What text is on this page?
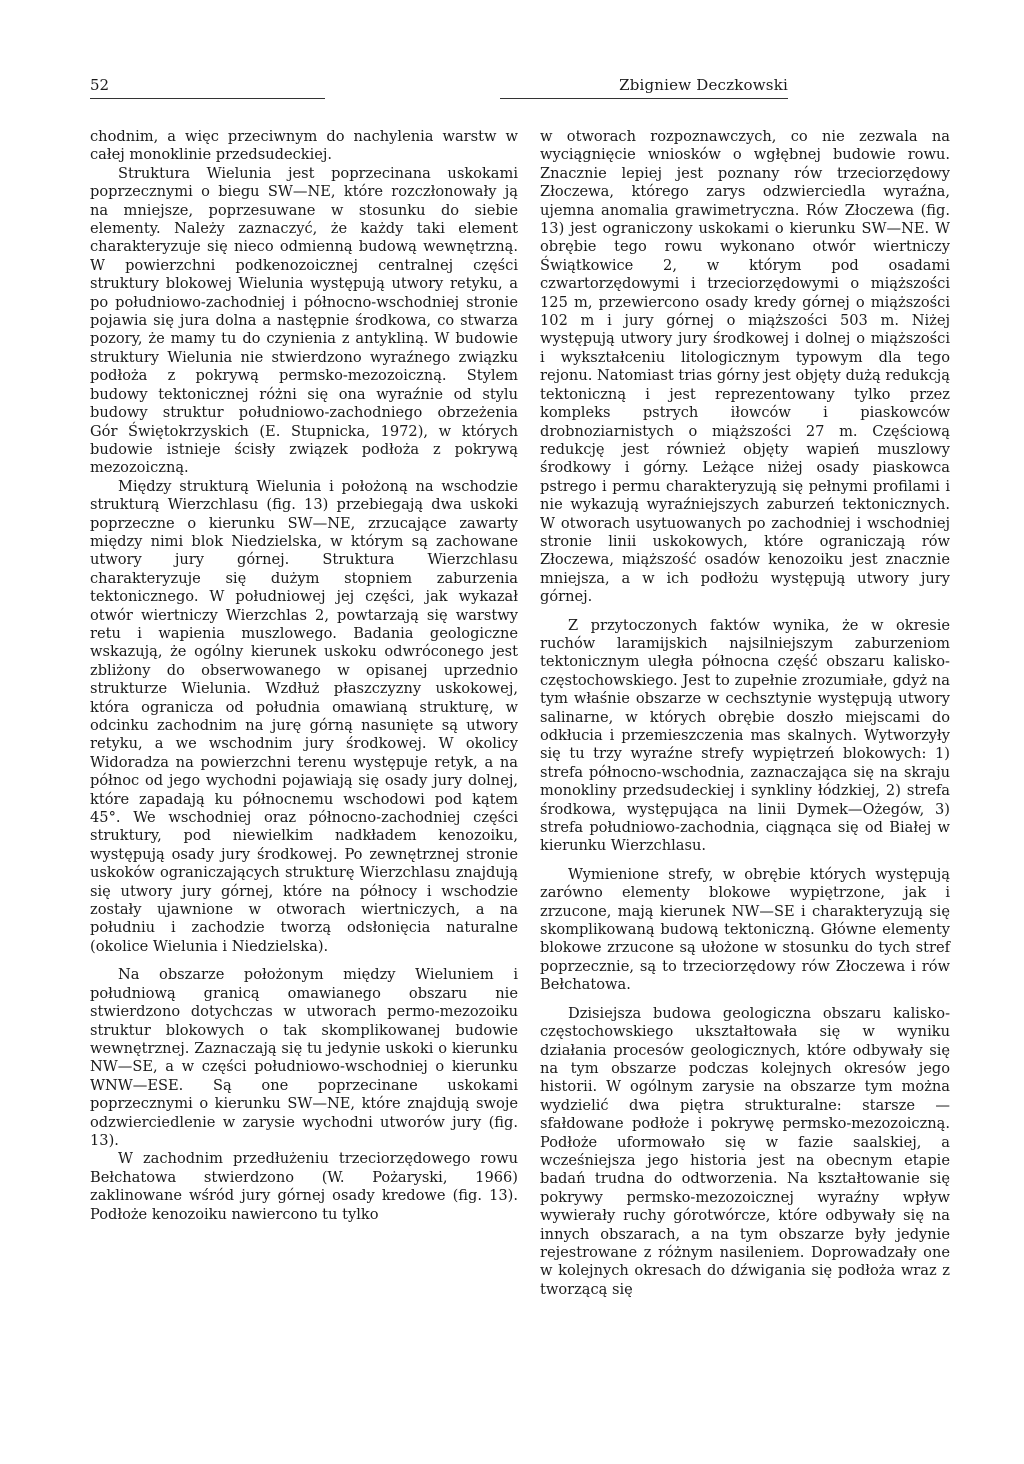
52	Zbigniew Deczkowski

chodnim, a więc przeciwnym do nachylenia warstw w całej monoklinie przedsudeckiej.

Struktura Wielunia jest poprzecinana uskokami poprzecznymi o biegu SW—NE, które rozczłonowały ją na mniejsze, poprzesuwane w stosunku do siebie elementy. Należy zaznaczyć, że każdy taki element charakteryzuje się nieco odmienną budową wewnętrzną. W powierzchni podkenozoicznej centralnej części struktury blokowej Wielunia występują utwory retyku, a po południowo-zachodniej i północno-wschodniej stronie pojawia się jura dolna a następnie środkowa, co stwarza pozory, że mamy tu do czynienia z antykliną. W budowie struktury Wielunia nie stwierdzono wyraźnego związku podłoża z pokrywą permsko-mezozoiczną. Stylem budowy tektonicznej różni się ona wyraźnie od stylu budowy struktur południowo-zachodniego obrzeżenia Gór Świętokrzyskich (E. Stupnicka, 1972), w których budowie istnieje ścisły związek podłoża z pokrywą mezozoiczną.

Między strukturą Wielunia i położoną na wschodzie strukturą Wierzchlasu (fig. 13) przebiegają dwa uskoki poprzeczne o kierunku SW—NE, zrzucające zawarty między nimi blok Niedzielska, w którym są zachowane utwory jury górnej. Struktura Wierzchlasu charakteryzuje się dużym stopniem zaburzenia tektonicznego. W południowej jej części, jak wykazał otwór wiertniczy Wierzchlas 2, powtarzają się warstwy retu i wapienia muszlowego. Badania geologiczne wskazują, że ogólny kierunek uskoku odwróconego jest zbliżony do obserwowanego w opisanej uprzednio strukturze Wielunia. Wzdłuż płaszczyzny uskokowej, która ogranicza od południa omawianą strukturę, w odcinku zachodnim na jurę górną nasunięte są utwory retyku, a we wschodnim jury środkowej. W okolicy Widoradza na powierzchni terenu występuje retyk, a na północ od jego wychodni pojawiają się osady jury dolnej, które zapadają ku północnemu wschodowi pod kątem 45°. We wschodniej oraz północno-zachodniej części struktury, pod niewielkim nadkładem kenozoiku, występują osady jury środkowej. Po zewnętrznej stronie uskoków ograniczających strukturę Wierzchlasu znajdują się utwory jury górnej, które na północy i wschodzie zostały ujawnione w otworach wiertniczych, a na południu i zachodzie tworzą odsłonięcia naturalne (okolice Wielunia i Niedzielska).

Na obszarze położonym między Wieluniem i południową granicą omawianego obszaru nie stwierdzono dotychczas w utworach permo-mezozoiku struktur blokowych o tak skomplikowanej budowie wewnętrznej. Zaznaczają się tu jedynie uskoki o kierunku NW—SE, a w części południowo-wschodniej o kierunku WNW—ESE. Są one poprzecinane uskokami poprzecznymi o kierunku SW—NE, które znajdują swoje odzwierciedlenie w zarysie wychodni utworów jury (fig. 13).

W zachodnim przedłużeniu trzeciorzędowego rowu Bełchatowa stwierdzono (W. Pożaryski, 1966) zaklinowane wśród jury górnej osady kredowe (fig. 13). Podłoże kenozoiku nawiercono tu tylko

w otworach rozpoznawczych, co nie zezwala na wyciągnięcie wniosków o wgłębnej budowie rowu. Znacznie lepiej jest poznany rów trzeciorzędowy Złoczewa, którego zarys odzwierciedla wyraźna, ujemna anomalia grawimetryczna. Rów Złoczewa (fig. 13) jest ograniczony uskokami o kierunku SW—NE. W obrębie tego rowu wykonano otwór wiertniczy Świątkowice 2, w którym pod osadami czwartorzędowymi i trzeciorzędowymi o miąższości 125 m, przewiercono osady kredy górnej o miąższości 102 m i jury górnej o miąższości 503 m. Niżej występują utwory jury środkowej i dolnej o miąższości i wykształceniu litologicznym typowym dla tego rejonu. Natomiast trias górny jest objęty dużą redukcją tektoniczną i jest reprezentowany tylko przez kompleks pstrych iłowców i piaskowców drobnoziarnistych o miąższości 27 m. Częściową redukcję jest również objęty wapień muszlowy środkowy i górny. Leżące niżej osady piaskowca pstrego i permu charakteryzują się pełnymi profilami i nie wykazują wyraźniejszych zaburzeń tektonicznych. W otworach usytuowanych po zachodniej i wschodniej stronie linii uskokowych, które ograniczają rów Złoczewa, miąższość osadów kenozoiku jest znacznie mniejsza, a w ich podłożu występują utwory jury górnej.

Z przytoczonych faktów wynika, że w okresie ruchów laramijskich najsilniejszym zaburzeniom tektonicznym uległa północna część obszaru kalisko-częstochowskiego. Jest to zupełnie zrozumiałe, gdyż na tym właśnie obszarze w cechsztynie występują utwory salinarne, w których obrębie doszło miejscami do odkłucia i przemieszczenia mas skalnych. Wytworzyły się tu trzy wyraźne strefy wypiętrzeń blokowych: 1) strefa północno-wschodnia, zaznaczająca się na skraju monokliny przedsudeckiej i synkliny łódzkiej, 2) strefa środkowa, występująca na linii Dymek—Ożegów, 3) strefa południowo-zachodnia, ciągnąca się od Białej w kierunku Wierzchlasu.

Wymienione strefy, w obrębie których występują zarówno elementy blokowe wypiętrzone, jak i zrzucone, mają kierunek NW—SE i charakteryzują się skomplikowaną budową tektoniczną. Główne elementy blokowe zrzucone są ułożone w stosunku do tych stref poprzecznie, są to trzeciorzędowy rów Złoczewa i rów Bełchatowa.

Dzisiejsza budowa geologiczna obszaru kalisko-częstochowskiego ukształtowała się w wyniku działania procesów geologicznych, które odbywały się na tym obszarze podczas kolejnych okresów jego historii. W ogólnym zarysie na obszarze tym można wydzielić dwa piętra strukturalne: starsze — sfałdowane podłoże i pokrywę permsko-mezozoiczną. Podłoże uformowało się w fazie saalskiej, a wcześniejsza jego historia jest na obecnym etapie badań trudna do odtworzenia. Na kształtowanie się pokrywy permsko-mezozoicznej wyraźny wpływ wywierały ruchy górotwórcze, które odbywały się na innych obszarach, a na tym obszarze były jedynie rejestrowane z różnym nasileniem. Doprowadzały one w kolejnych okresach do dźwigania się podłoża wraz z tworzącą się
